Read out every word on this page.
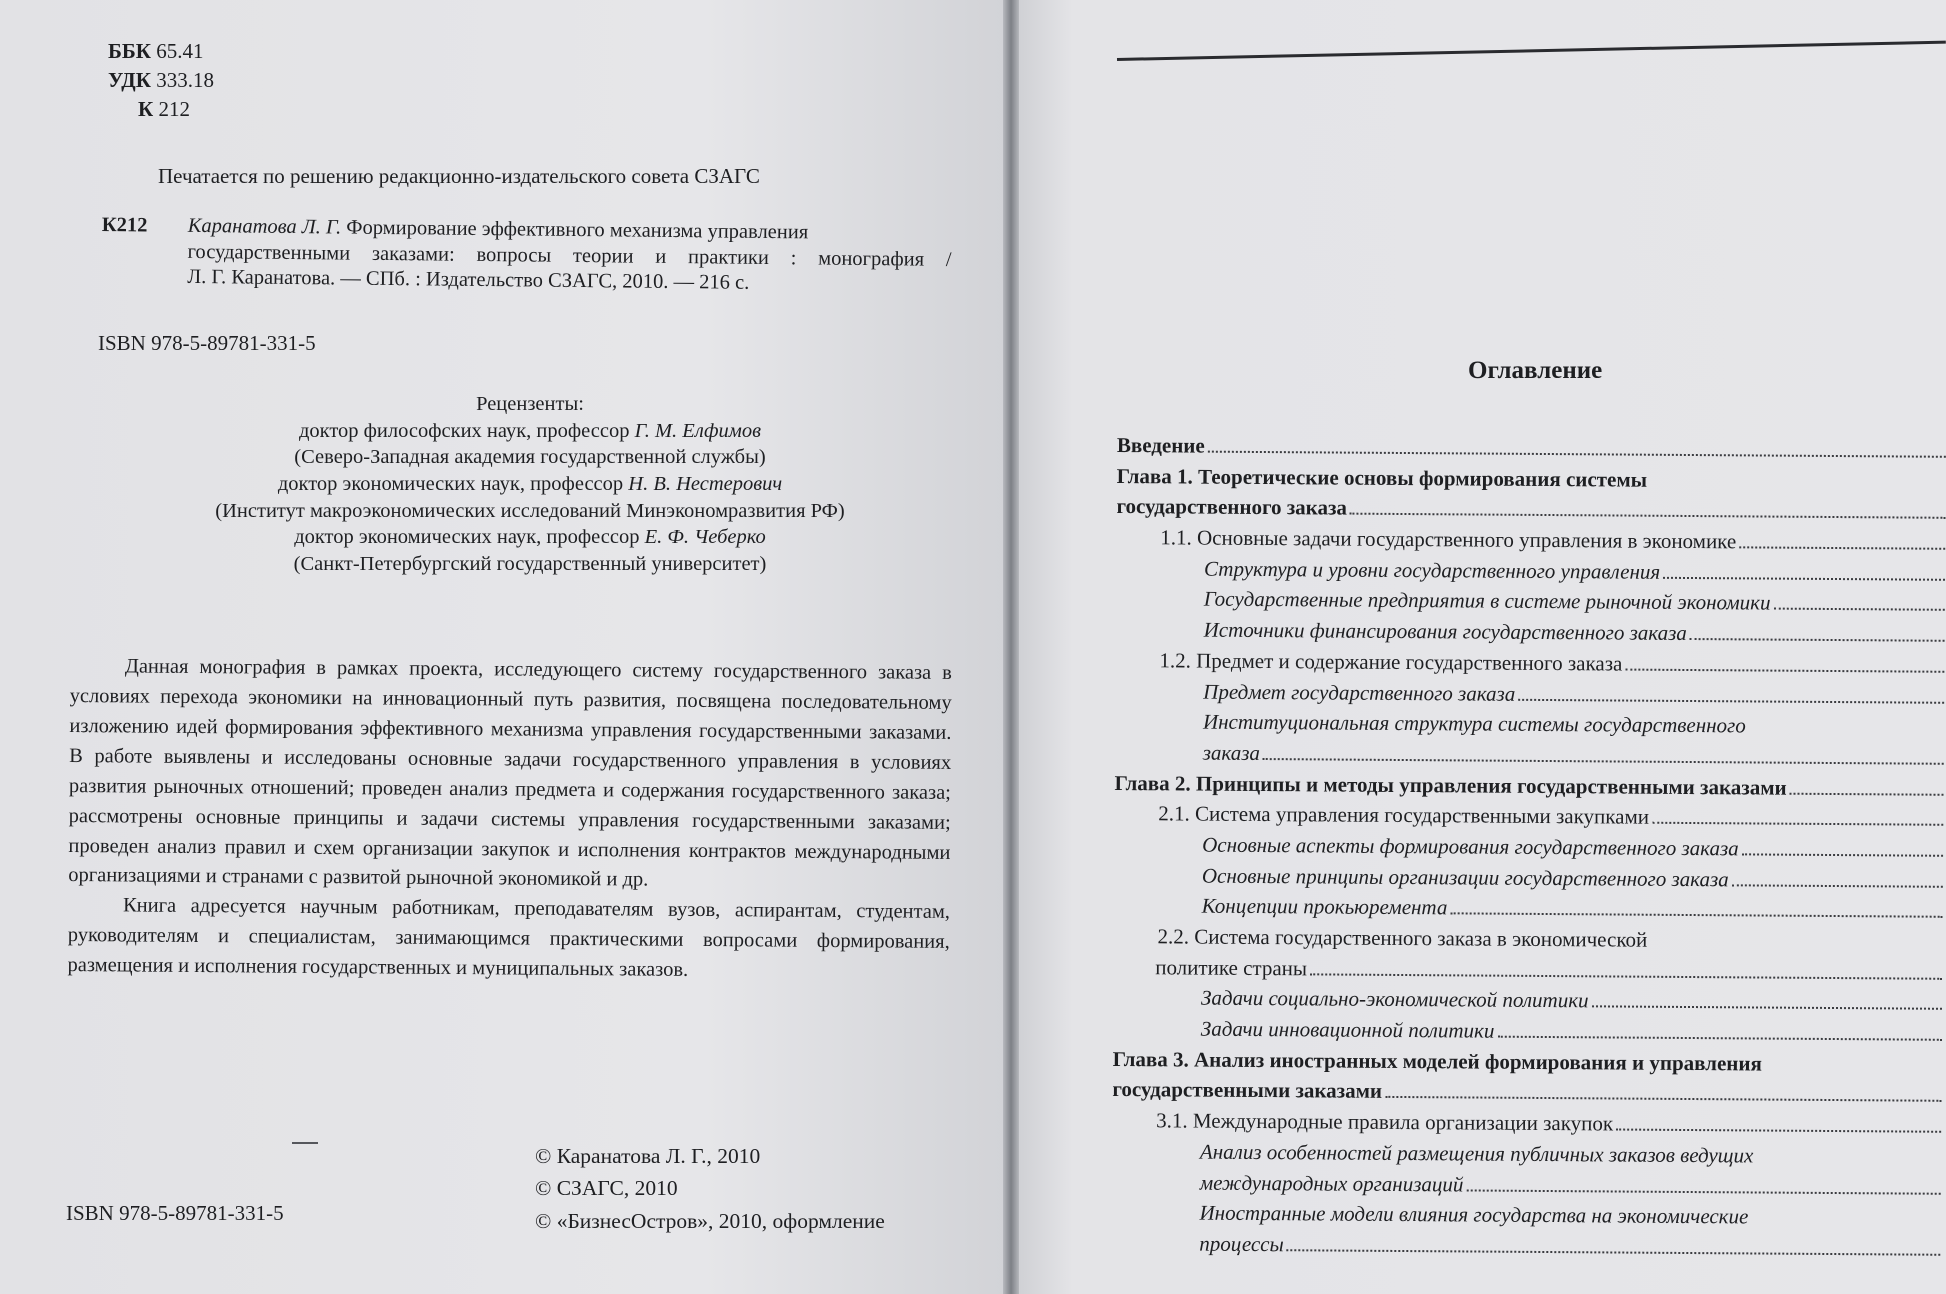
ББК 65.41
УДК 333.18
К 212
Печатается по решению редакционно-издательского совета СЗАГС
К212	Каранатова Л. Г. Формирование эффективного механизма управления
государственными заказами: вопросы теории и практики : монография /
Л. Г. Каранатова. — СПб. : Издательство СЗАГС, 2010. — 216 с.
ISBN 978-5-89781-331-5
Рецензенты:
доктор философских наук, профессор Г. М. Елфимов
(Северо-Западная академия государственной службы)
доктор экономических наук, профессор Н. В. Нестерович
(Институт макроэкономических исследований Минэкономразвития РФ)
доктор экономических наук, профессор Е. Ф. Чеберко
(Санкт-Петербургский государственный университет)

Данная монография в рамках проекта, исследующего систему государственного заказа в условиях перехода экономики на инновационный путь развития, посвящена последовательному изложению идей формирования эффективного механизма управления государственными заказами. В работе выявлены и исследованы основные задачи государственного управления в условиях развития рыночных отношений; проведен анализ предмета и содержания государственного заказа; рассмотрены основные принципы и задачи системы управления государственными заказами; проведен анализ правил и схем организации закупок и исполнения контрактов международными организациями и странами с развитой рыночной экономикой и др.

Книга адресуется научным работникам, преподавателям вузов, аспирантам, студентам, руководителям и специалистам, занимающимся практическими вопросами формирования, размещения и исполнения государственных и муниципальных заказов.

ISBN 978-5-89781-331-5
© Каранатова Л. Г., 2010
© СЗАГС, 2010
© «БизнесОстров», 2010, оформление
Оглавление
Введение
Глава 1. Теоретические основы формирования системы
государственного заказа
1.1. Основные задачи государственного управления в экономике
Структура и уровни государственного управления
Государственные предприятия в системе рыночной экономики
Источники финансирования государственного заказа
1.2. Предмет и содержание государственного заказа
Предмет государственного заказа
Институциональная структура системы государственного
заказа
Глава 2. Принципы и методы управления государственными заказами
2.1. Система управления государственными закупками
Основные аспекты формирования государственного заказа
Основные принципы организации государственного заказа
Концепции прокьюремента
2.2. Система государственного заказа в экономической
политике страны
Задачи социально-экономической политики
Задачи инновационной политики
Глава 3. Анализ иностранных моделей формирования и управления
государственными заказами
3.1. Международные правила организации закупок
Анализ особенностей размещения публичных заказов ведущих
международных организаций
Иностранные модели влияния государства на экономические
процессы
